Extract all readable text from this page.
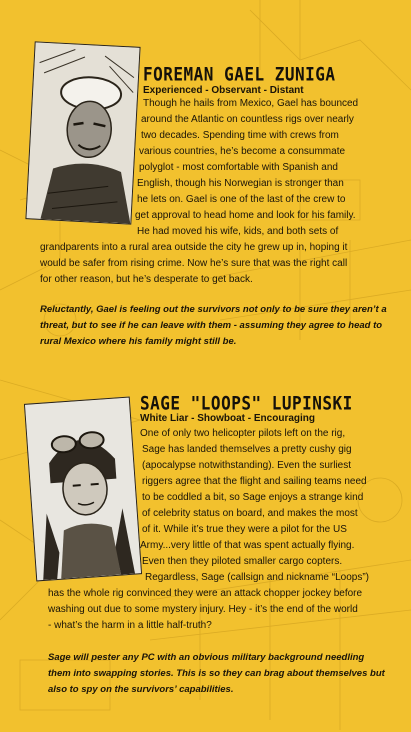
FOREMAN GAEL ZUNIGA
Experienced - Observant - Distant
Though he hails from Mexico, Gael has bounced
around the Atlantic on countless rigs over nearly
two decades. Spending time with crews from
various countries, he’s become a consummate
polyglot - most comfortable with Spanish and
English, though his Norwegian is stronger than
he lets on. Gael is one of the last of the crew to
get approval to head home and look for his family.
He had moved his wife, kids, and both sets of
grandparents into a rural area outside the city he grew up in, hoping it
would be safer from rising crime. Now he’s sure that was the right call
for other reason, but he’s desperate to get back.
Reluctantly, Gael is feeling out the survivors not only to be sure they aren’t a
threat, but to see if he can leave with them - assuming they agree to head to
rural Mexico where his family might still be.
SAGE "LOOPS" LUPINSKI
White Liar - Showboat - Encouraging
One of only two helicopter pilots left on the rig,
Sage has landed themselves a pretty cushy gig
(apocalypse notwithstanding). Even the surliest
riggers agree that the flight and sailing teams need
to be coddled a bit, so Sage enjoys a strange kind
of celebrity status on board, and makes the most
of it. While it’s true they were a pilot for the US
Army...very little of that was spent actually flying.
Even then they piloted smaller cargo copters.
Regardless, Sage (callsign and nickname “Loops”)
has the whole rig convinced they were an attack chopper jockey before
washing out due to some mystery injury. Hey - it’s the end of the world
- what’s the harm in a little half-truth?
Sage will pester any PC with an obvious military background needling
them into swapping stories. This is so they can brag about themselves but
also to spy on the survivors’ capabilities.
